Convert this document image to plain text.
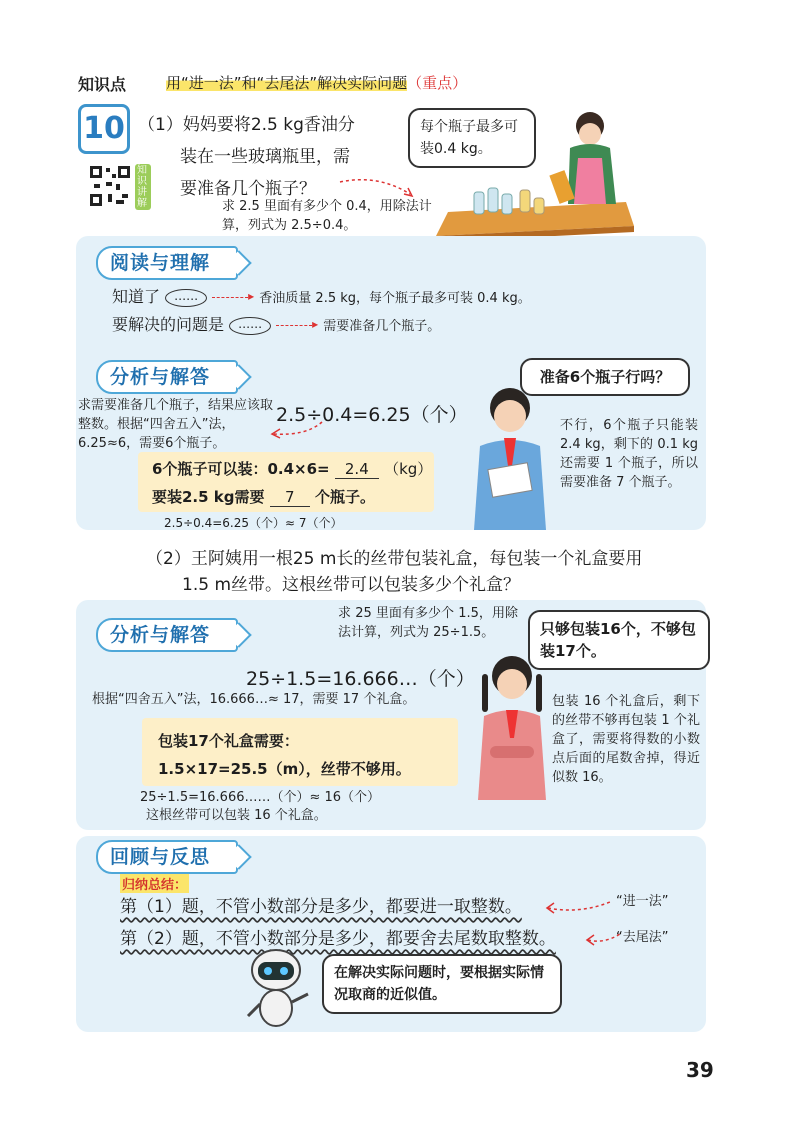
知识点	用“进一法”和“去尾法”解决实际问题（重点）
10
知识讲解
（1）妈妈要将2.5 kg香油分
装在一些玻璃瓶里，需
要准备几个瓶子？
求 2.5 里面有多少个 0.4，用除法计算，列式为 2.5÷0.4。
每个瓶子最多可装0.4 kg。
阅读与理解
知道了 …… ▸	香油质量 2.5 kg，每个瓶子最多可装 0.4 kg。
要解决的问题是 …… ▸	需要准备几个瓶子。
分析与解答
求需要准备几个瓶子，结果应该取整数。根据“四舍五入”法，6.25≈6，需要6个瓶子。
2.5÷0.4=6.25（个）
6个瓶子可以装：0.4×6= 2.4 （kg）
要装2.5 kg需要 7 个瓶子。
2.5÷0.4=6.25（个）≈ 7（个）
准备6个瓶子行吗？
不行，6个瓶子只能装 2.4 kg，剩下的 0.1 kg 还需要 1 个瓶子，所以需要准备 7 个瓶子。
（2）王阿姨用一根25 m长的丝带包装礼盒，每包装一个礼盒要用
1.5 m丝带。这根丝带可以包装多少个礼盒？
分析与解答
求 25 里面有多少个 1.5，用除法计算，列式为 25÷1.5。
25÷1.5=16.666…（个）
根据“四舍五入”法，16.666…≈ 17，需要 17 个礼盒。
包装17个礼盒需要：
1.5×17=25.5（m），丝带不够用。
25÷1.5=16.666……（个）≈ 16（个）
这根丝带可以包装 16 个礼盒。
只够包装16个，不够包装17个。
包装 16 个礼盒后，剩下的丝带不够再包装 1 个礼盒了，需要将得数的小数点后面的尾数舍掉，得近似数 16。
回顾与反思
归纳总结：
第（1）题，不管小数部分是多少，都要进一取整数。
第（2）题，不管小数部分是多少，都要舍去尾数取整数。
“进一法”
“去尾法”
在解决实际问题时，要根据实际情况取商的近似值。
39
